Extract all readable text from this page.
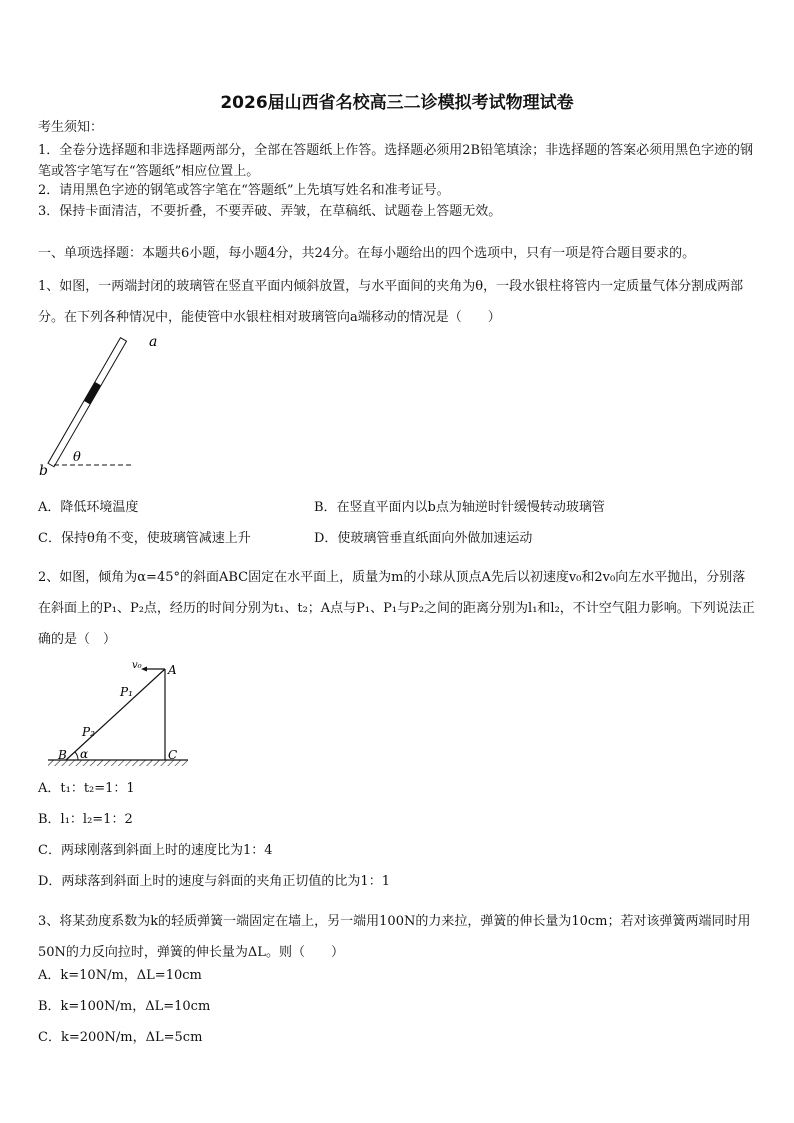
2026届山西省名校高三二诊模拟考试物理试卷
考生须知：
1．全卷分选择题和非选择题两部分，全部在答题纸上作答。选择题必须用2B铅笔填涂；非选择题的答案必须用黑色字迹的钢笔或答字笔写在“答题纸”相应位置上。
2．请用黑色字迹的钢笔或答字笔在“答题纸”上先填写姓名和准考证号。
3．保持卡面清洁，不要折叠，不要弄破、弄皱，在草稿纸、试题卷上答题无效。
一、单项选择题：本题共6小题，每小题4分，共24分。在每小题给出的四个选项中，只有一项是符合题目要求的。
1、如图，一两端封闭的玻璃管在竖直平面内倾斜放置，与水平面间的夹角为θ，一段水银柱将管内一定质量气体分割成两部分。在下列各种情况中，能使管中水银柱相对玻璃管向a端移动的情况是（　　）
a
b
θ
A．降低环境温度	B．在竖直平面内以b点为轴逆时针缓慢转动玻璃管
C．保持θ角不变，使玻璃管减速上升	D．使玻璃管垂直纸面向外做加速运动
2、如图，倾角为α=45°的斜面ABC固定在水平面上，质量为m的小球从顶点A先后以初速度v₀和2v₀向左水平抛出，分别落在斜面上的P₁、P₂点，经历的时间分别为t₁、t₂；A点与P₁、P₁与P₂之间的距离分别为l₁和l₂，不计空气阻力影响。下列说法正确的是（　）
v₀ A
P₁
P₂
B α	C
A．t₁：t₂=1：1
B．l₁：l₂=1：2
C．两球刚落到斜面上时的速度比为1：4
D．两球落到斜面上时的速度与斜面的夹角正切值的比为1：1
3、将某劲度系数为k的轻质弹簧一端固定在墙上，另一端用100N的力来拉，弹簧的伸长量为10cm；若对该弹簧两端同时用50N的力反向拉时，弹簧的伸长量为ΔL。则（　　）
A．k=10N/m，ΔL=10cm
B．k=100N/m，ΔL=10cm
C．k=200N/m，ΔL=5cm
